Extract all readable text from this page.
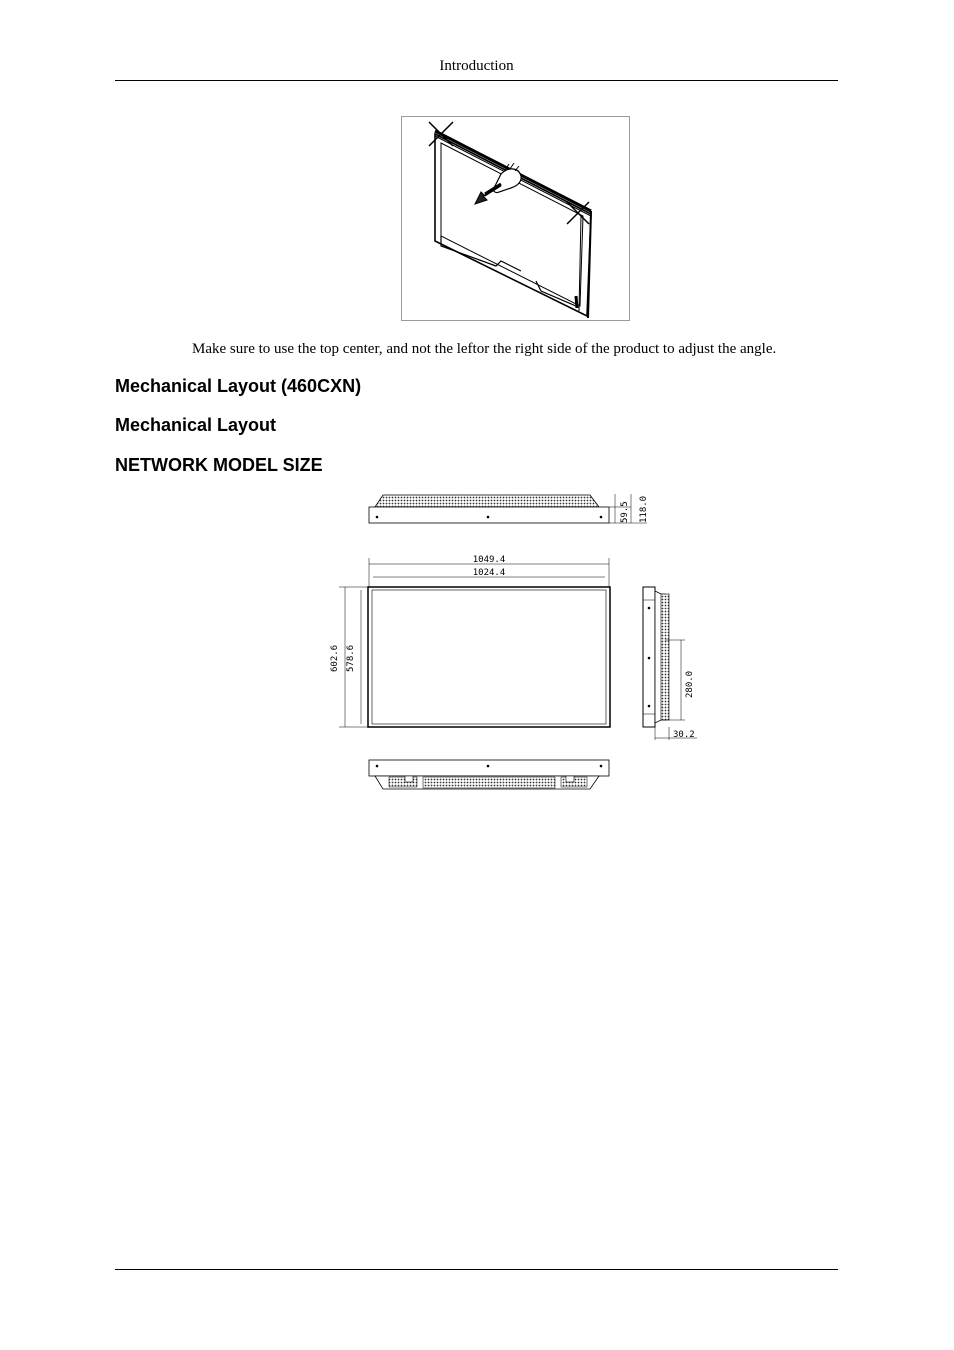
Introduction
Make sure to use the top center, and not the leftor the right side of the product to adjust the angle.
Mechanical Layout (460CXN)
Mechanical Layout
NETWORK MODEL SIZE
59.5 118.0
1049.4
1024.4
602.6 578.6
280.0
30.2
